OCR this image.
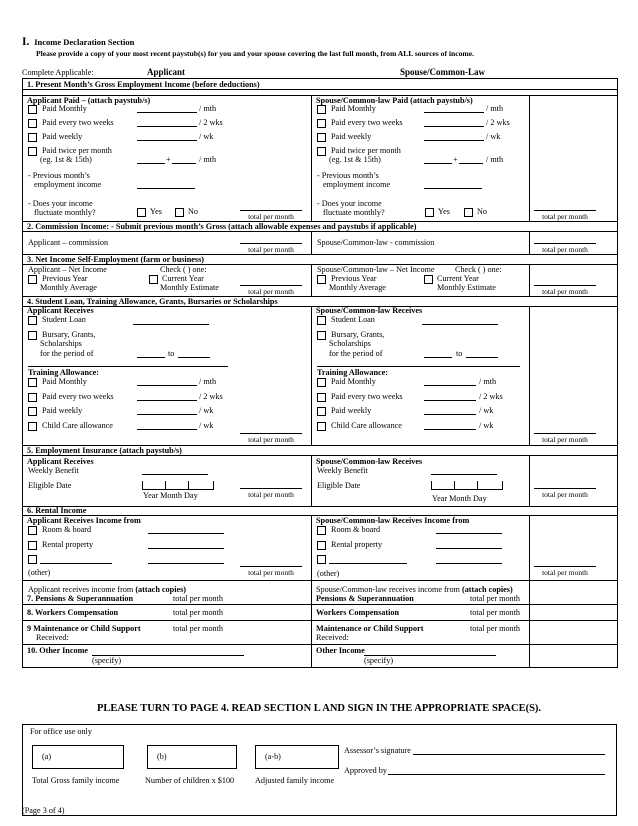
I. Income Declaration Section
Please provide a copy of your most recent paystub(s) for you and your spouse covering the last full month, from ALL sources of income.
Complete Applicable:	Applicant	Spouse/Common-Law
1. Present Month’s Gross Employment Income (before deductions)
Applicant Paid – (attach paystub/s)
Paid Monthly	/ mth
Paid every two weeks	/ 2 wks
Paid weekly	/ wk
Paid twice per month
(eg. 1st & 15th)	+	/ mth
- Previous month’s
employment income
- Does your income
fluctuate monthly?	Yes	No
total per month
Spouse/Common-law Paid (attach paystub/s)
Paid Monthly	/ mth
Paid every two weeks	/ 2 wks
Paid weekly	/ wk
Paid twice per month
(eg. 1st & 15th)	+	/ mth
- Previous month’s
employment income
- Does your income
fluctuate monthly?	Yes	No
total per month
2. Commission Income: - Submit previous month’s Gross (attach allowable expenses and paystubs if applicable)
Applicant – commission
total per month
Spouse/Common-law - commission
total per month
3. Net Income Self-Employment (farm or business)
Applicant – Net Income	Check ( ) one:
Previous Year	Current Year
Monthly Average	Monthly Estimate	total per month
Spouse/Common-law – Net Income Check ( ) one:
Previous Year	Current Year
Monthly Average	Monthly Estimate	total per month
4. Student Loan, Training Allowance, Grants, Bursaries or Scholarships
Applicant Receives
Student Loan
Bursary, Grants,
Scholarships
for the period of	to
Training Allowance:
Paid Monthly	/ mth
Paid every two weeks	/ 2 wks
Paid weekly	/ wk
Child Care allowance	/ wk
total per month
Spouse/Common-law Receives
Student Loan
Bursary, Grants,
Scholarships
for the period of	to
Training Allowance:
Paid Monthly	/ mth
Paid every two weeks	/ 2 wks
Paid weekly	/ wk
Child Care allowance	/ wk
total per month
5. Employment Insurance (attach paystub/s)
Applicant Receives
Weekly Benefit
Eligible Date
Year Month Day	total per month
Spouse/Common-law Receives
Weekly Benefit
Eligible Date
Year Month Day	total per month
6. Rental Income
Applicant Receives Income from
Room & board
Rental property
(other)	total per month
Spouse/Common-law Receives Income from
Room & board
Rental property
(other)	total per month
Applicant receives income from (attach copies)
7. Pensions & Superannuation	total per month
Spouse/Common-law receives income from (attach copies)
Pensions & Superannuation	total per month
8. Workers Compensation	total per month	Workers Compensation	total per month
9 Maintenance or Child Support	total per month
Received:
Maintenance or Child Support	total per month
Received:
10. Other Income
(specify)
Other Income
(specify)
PLEASE TURN TO PAGE 4. READ SECTION L AND SIGN IN THE APPROPRIATE SPACE(S).
For office use only
(a)	(b)	(a-b)
Total Gross family income	Number of children x $100	Adjusted family income
Assessor’s signature
Approved by
(Page 3 of 4)
